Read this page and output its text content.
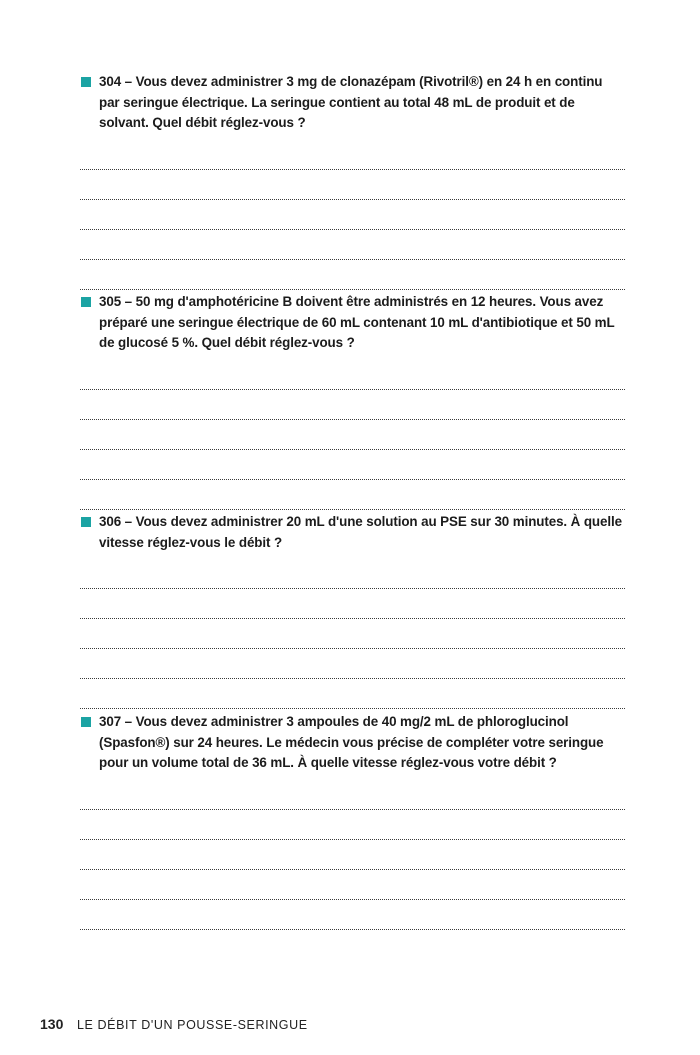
304 – Vous devez administrer 3 mg de clonazépam (Rivotril®) en 24 h en continu par seringue électrique. La seringue contient au total 48 mL de produit et de solvant. Quel débit réglez-vous ?
305 – 50 mg d'amphotéricine B doivent être administrés en 12 heures. Vous avez préparé une seringue électrique de 60 mL contenant 10 mL d'antibiotique et 50 mL de glucosé 5 %. Quel débit réglez-vous ?
306 – Vous devez administrer 20 mL d'une solution au PSE sur 30 minutes. À quelle vitesse réglez-vous le débit ?
307 – Vous devez administrer 3 ampoules de 40 mg/2 mL de phloroglucinol (Spasfon®) sur 24 heures. Le médecin vous précise de compléter votre seringue pour un volume total de 36 mL. À quelle vitesse réglez-vous votre débit ?
130 LE DÉBIT D'UN POUSSE-SERINGUE
